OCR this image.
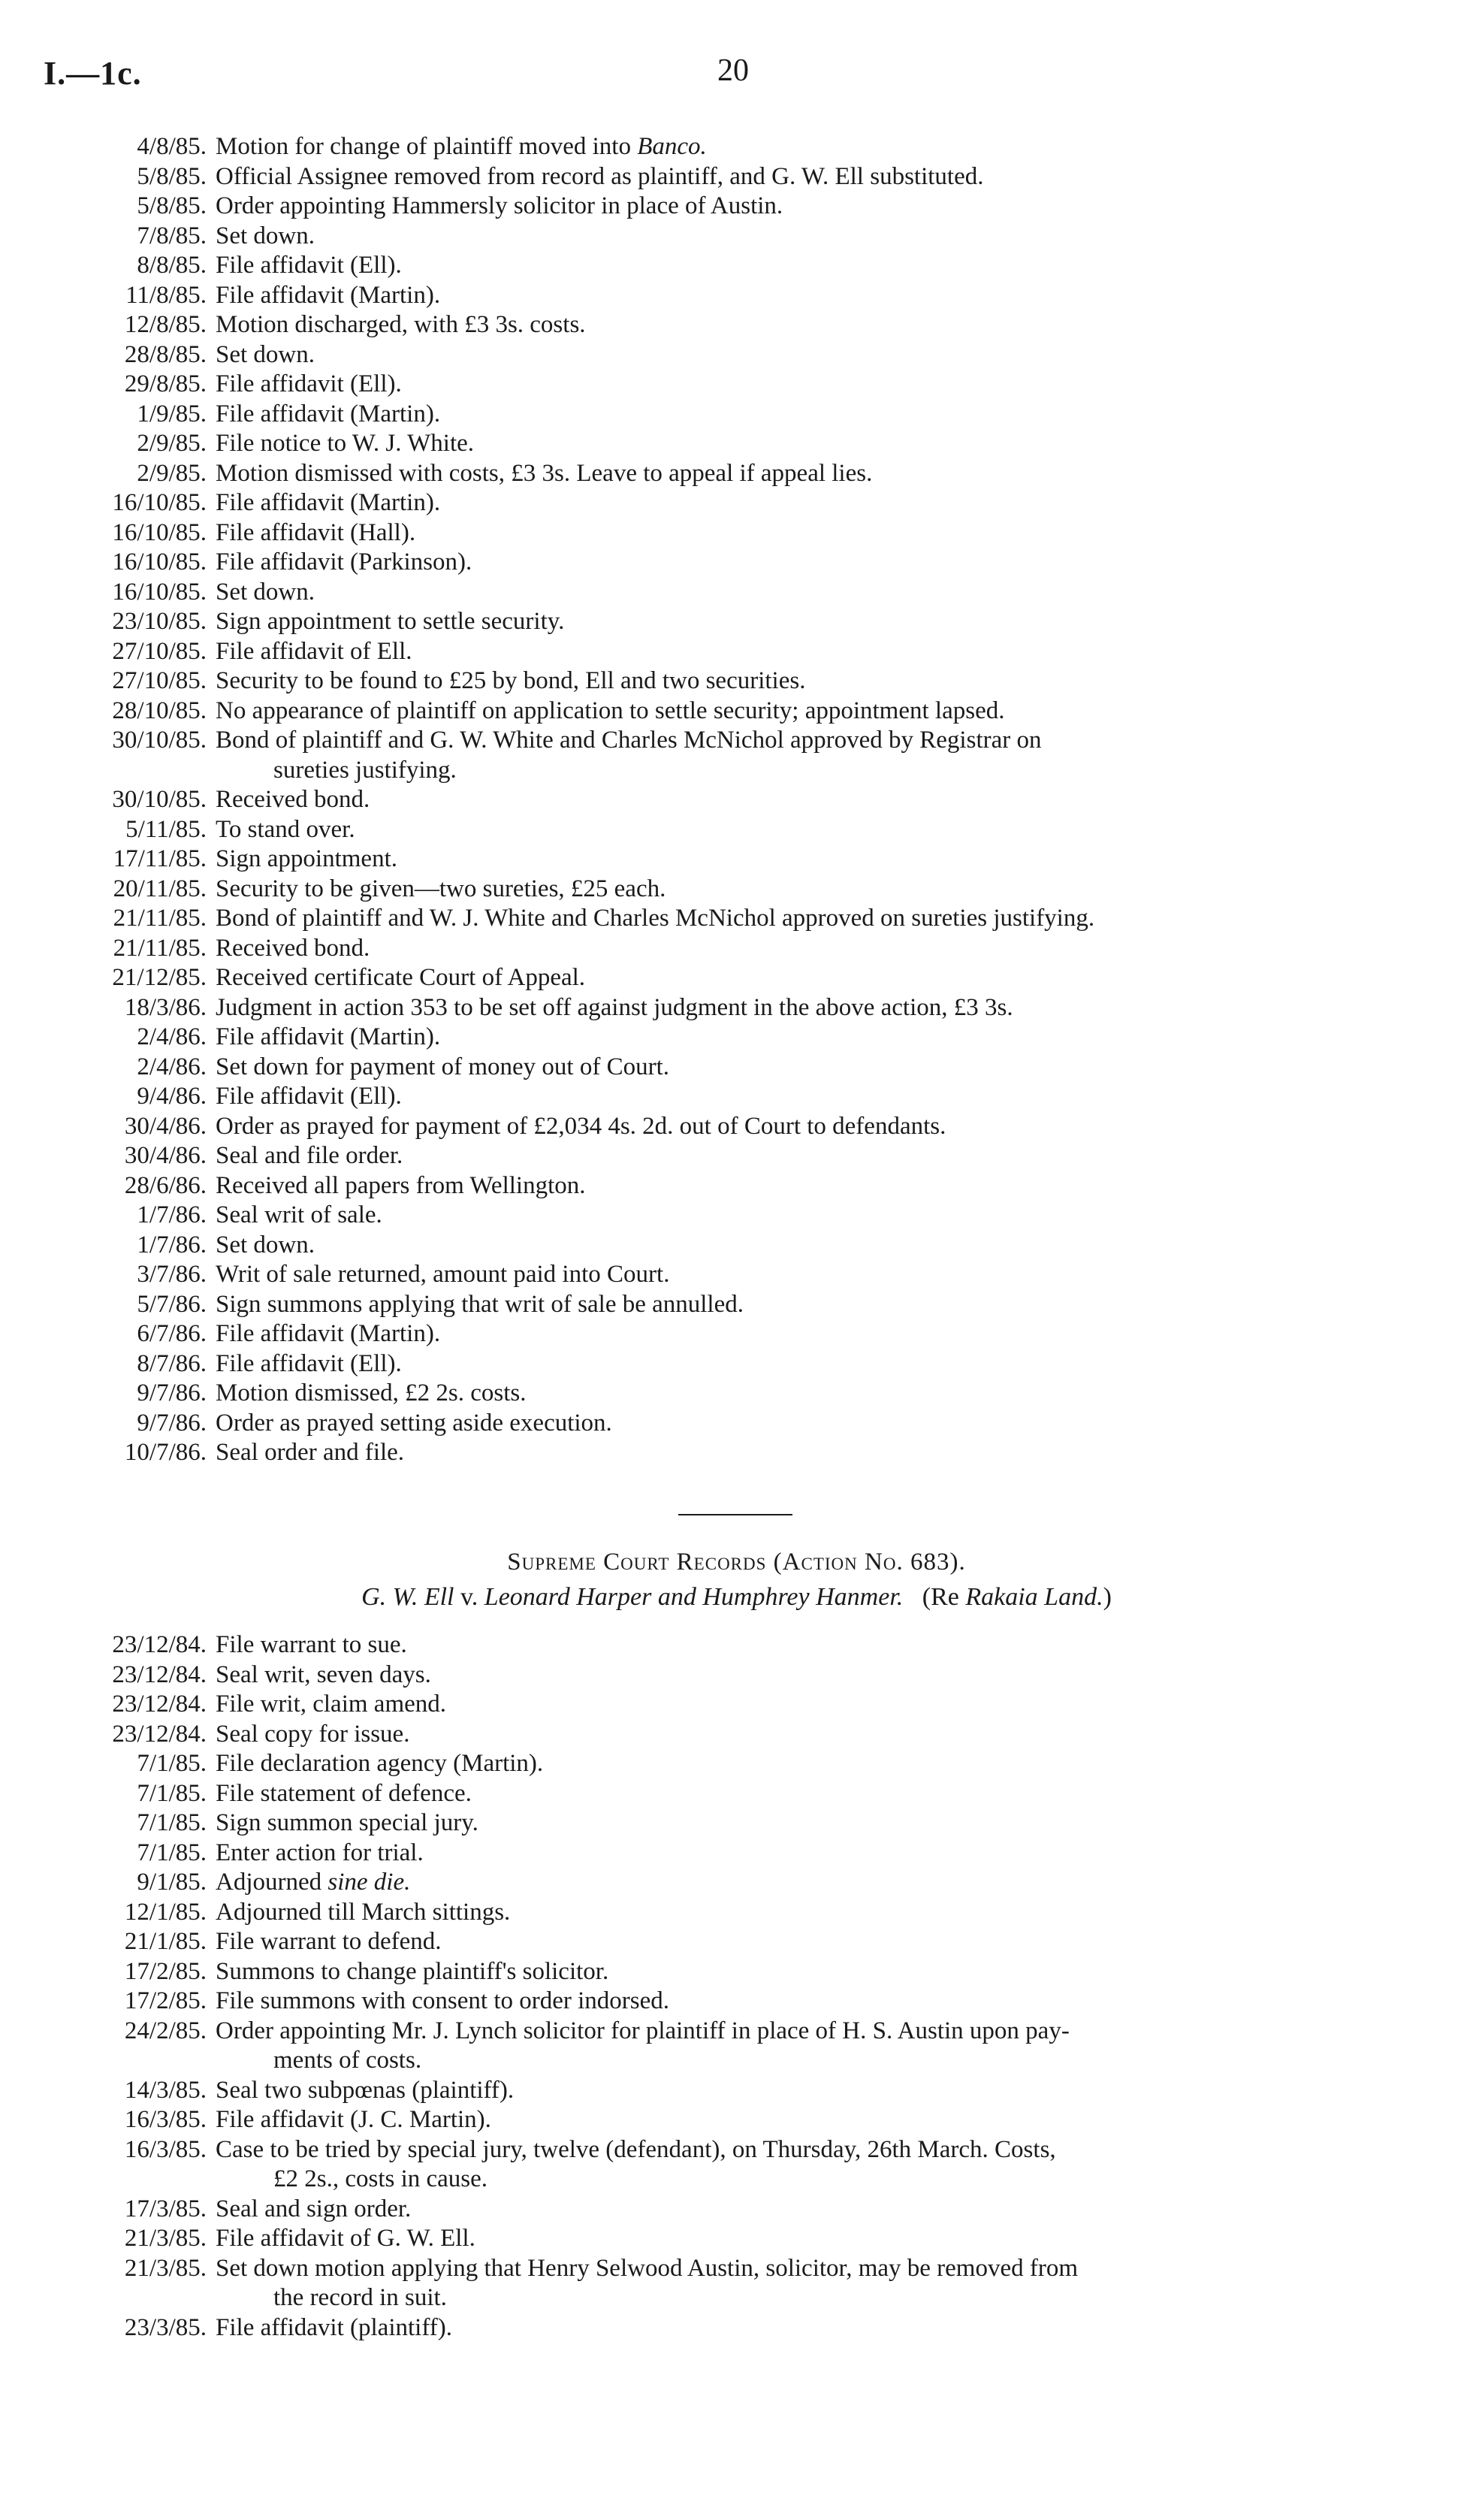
I.—1c.	20
4/8/85. Motion for change of plaintiff moved into Banco.
5/8/85. Official Assignee removed from record as plaintiff, and G. W. Ell substituted.
5/8/85. Order appointing Hammersly solicitor in place of Austin.
7/8/85. Set down.
8/8/85. File affidavit (Ell).
11/8/85. File affidavit (Martin).
12/8/85. Motion discharged, with £3 3s. costs.
28/8/85. Set down.
29/8/85. File affidavit (Ell).
1/9/85. File affidavit (Martin).
2/9/85. File notice to W. J. White.
2/9/85. Motion dismissed with costs, £3 3s. Leave to appeal if appeal lies.
16/10/85. File affidavit (Martin).
16/10/85. File affidavit (Hall).
16/10/85. File affidavit (Parkinson).
16/10/85. Set down.
23/10/85. Sign appointment to settle security.
27/10/85. File affidavit of Ell.
27/10/85. Security to be found to £25 by bond, Ell and two securities.
28/10/85. No appearance of plaintiff on application to settle security; appointment lapsed.
30/10/85. Bond of plaintiff and G. W. White and Charles McNichol approved by Registrar on
sureties justifying.
30/10/85. Received bond.
5/11/85. To stand over.
17/11/85. Sign appointment.
20/11/85. Security to be given—two sureties, £25 each.
21/11/85. Bond of plaintiff and W. J. White and Charles McNichol approved on sureties justifying.
21/11/85. Received bond.
21/12/85. Received certificate Court of Appeal.
18/3/86. Judgment in action 353 to be set off against judgment in the above action, £3 3s.
2/4/86. File affidavit (Martin).
2/4/86. Set down for payment of money out of Court.
9/4/86. File affidavit (Ell).
30/4/86. Order as prayed for payment of £2,034 4s. 2d. out of Court to defendants.
30/4/86. Seal and file order.
28/6/86. Received all papers from Wellington.
1/7/86. Seal writ of sale.
1/7/86. Set down.
3/7/86. Writ of sale returned, amount paid into Court.
5/7/86. Sign summons applying that writ of sale be annulled.
6/7/86. File affidavit (Martin).
8/7/86. File affidavit (Ell).
9/7/86. Motion dismissed, £2 2s. costs.
9/7/86. Order as prayed setting aside execution.
10/7/86. Seal order and file.
Supreme Court Records (Action No. 683).
G. W. Ell v. Leonard Harper and Humphrey Hanmer. (Re Rakaia Land.)
23/12/84. File warrant to sue.
23/12/84. Seal writ, seven days.
23/12/84. File writ, claim amend.
23/12/84. Seal copy for issue.
7/1/85. File declaration agency (Martin).
7/1/85. File statement of defence.
7/1/85. Sign summon special jury.
7/1/85. Enter action for trial.
9/1/85. Adjourned sine die.
12/1/85. Adjourned till March sittings.
21/1/85. File warrant to defend.
17/2/85. Summons to change plaintiff's solicitor.
17/2/85. File summons with consent to order indorsed.
24/2/85. Order appointing Mr. J. Lynch solicitor for plaintiff in place of H. S. Austin upon pay-
ments of costs.
14/3/85. Seal two subpœnas (plaintiff).
16/3/85. File affidavit (J. C. Martin).
16/3/85. Case to be tried by special jury, twelve (defendant), on Thursday, 26th March. Costs,
£2 2s., costs in cause.
17/3/85. Seal and sign order.
21/3/85. File affidavit of G. W. Ell.
21/3/85. Set down motion applying that Henry Selwood Austin, solicitor, may be removed from
the record in suit.
23/3/85. File affidavit (plaintiff).
